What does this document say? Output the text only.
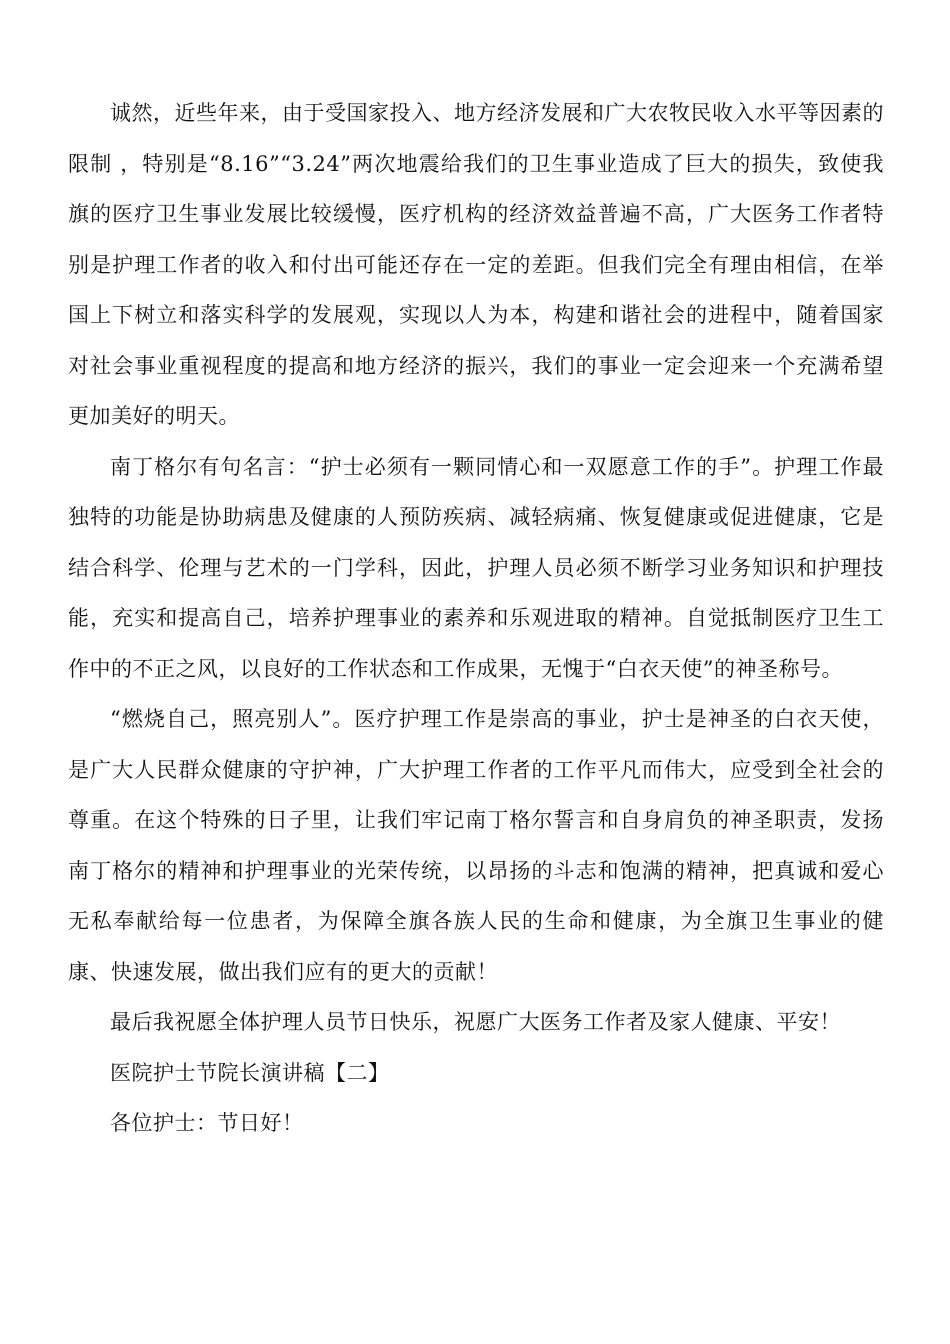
诚然，近些年来，由于受国家投入、地方经济发展和广大农牧民收入水平等因素的限制 ，特别是“8.16”“3.24”两次地震给我们的卫生事业造成了巨大的损失，致使我旗的医疗卫生事业发展比较缓慢，医疗机构的经济效益普遍不高，广大医务工作者特别是护理工作者的收入和付出可能还存在一定的差距。但我们完全有理由相信，在举国上下树立和落实科学的发展观，实现以人为本，构建和谐社会的进程中，随着国家对社会事业重视程度的提高和地方经济的振兴，我们的事业一定会迎来一个充满希望更加美好的明天。

南丁格尔有句名言：“护士必须有一颗同情心和一双愿意工作的手”。护理工作最独特的功能是协助病患及健康的人预防疾病、减轻病痛、恢复健康或促进健康，它是结合科学、伦理与艺术的一门学科，因此，护理人员必须不断学习业务知识和护理技能，充实和提高自己，培养护理事业的素养和乐观进取的精神。自觉抵制医疗卫生工作中的不正之风，以良好的工作状态和工作成果，无愧于“白衣天使”的神圣称号。

“燃烧自己，照亮别人”。医疗护理工作是崇高的事业，护士是神圣的白衣天使，是广大人民群众健康的守护神，广大护理工作者的工作平凡而伟大，应受到全社会的尊重。在这个特殊的日子里，让我们牢记南丁格尔誓言和自身肩负的神圣职责，发扬南丁格尔的精神和护理事业的光荣传统，以昂扬的斗志和饱满的精神，把真诚和爱心无私奉献给每一位患者，为保障全旗各族人民的生命和健康，为全旗卫生事业的健康、快速发展，做出我们应有的更大的贡献！

最后我祝愿全体护理人员节日快乐，祝愿广大医务工作者及家人健康、平安！

医院护士节院长演讲稿【二】

各位护士：节日好！
